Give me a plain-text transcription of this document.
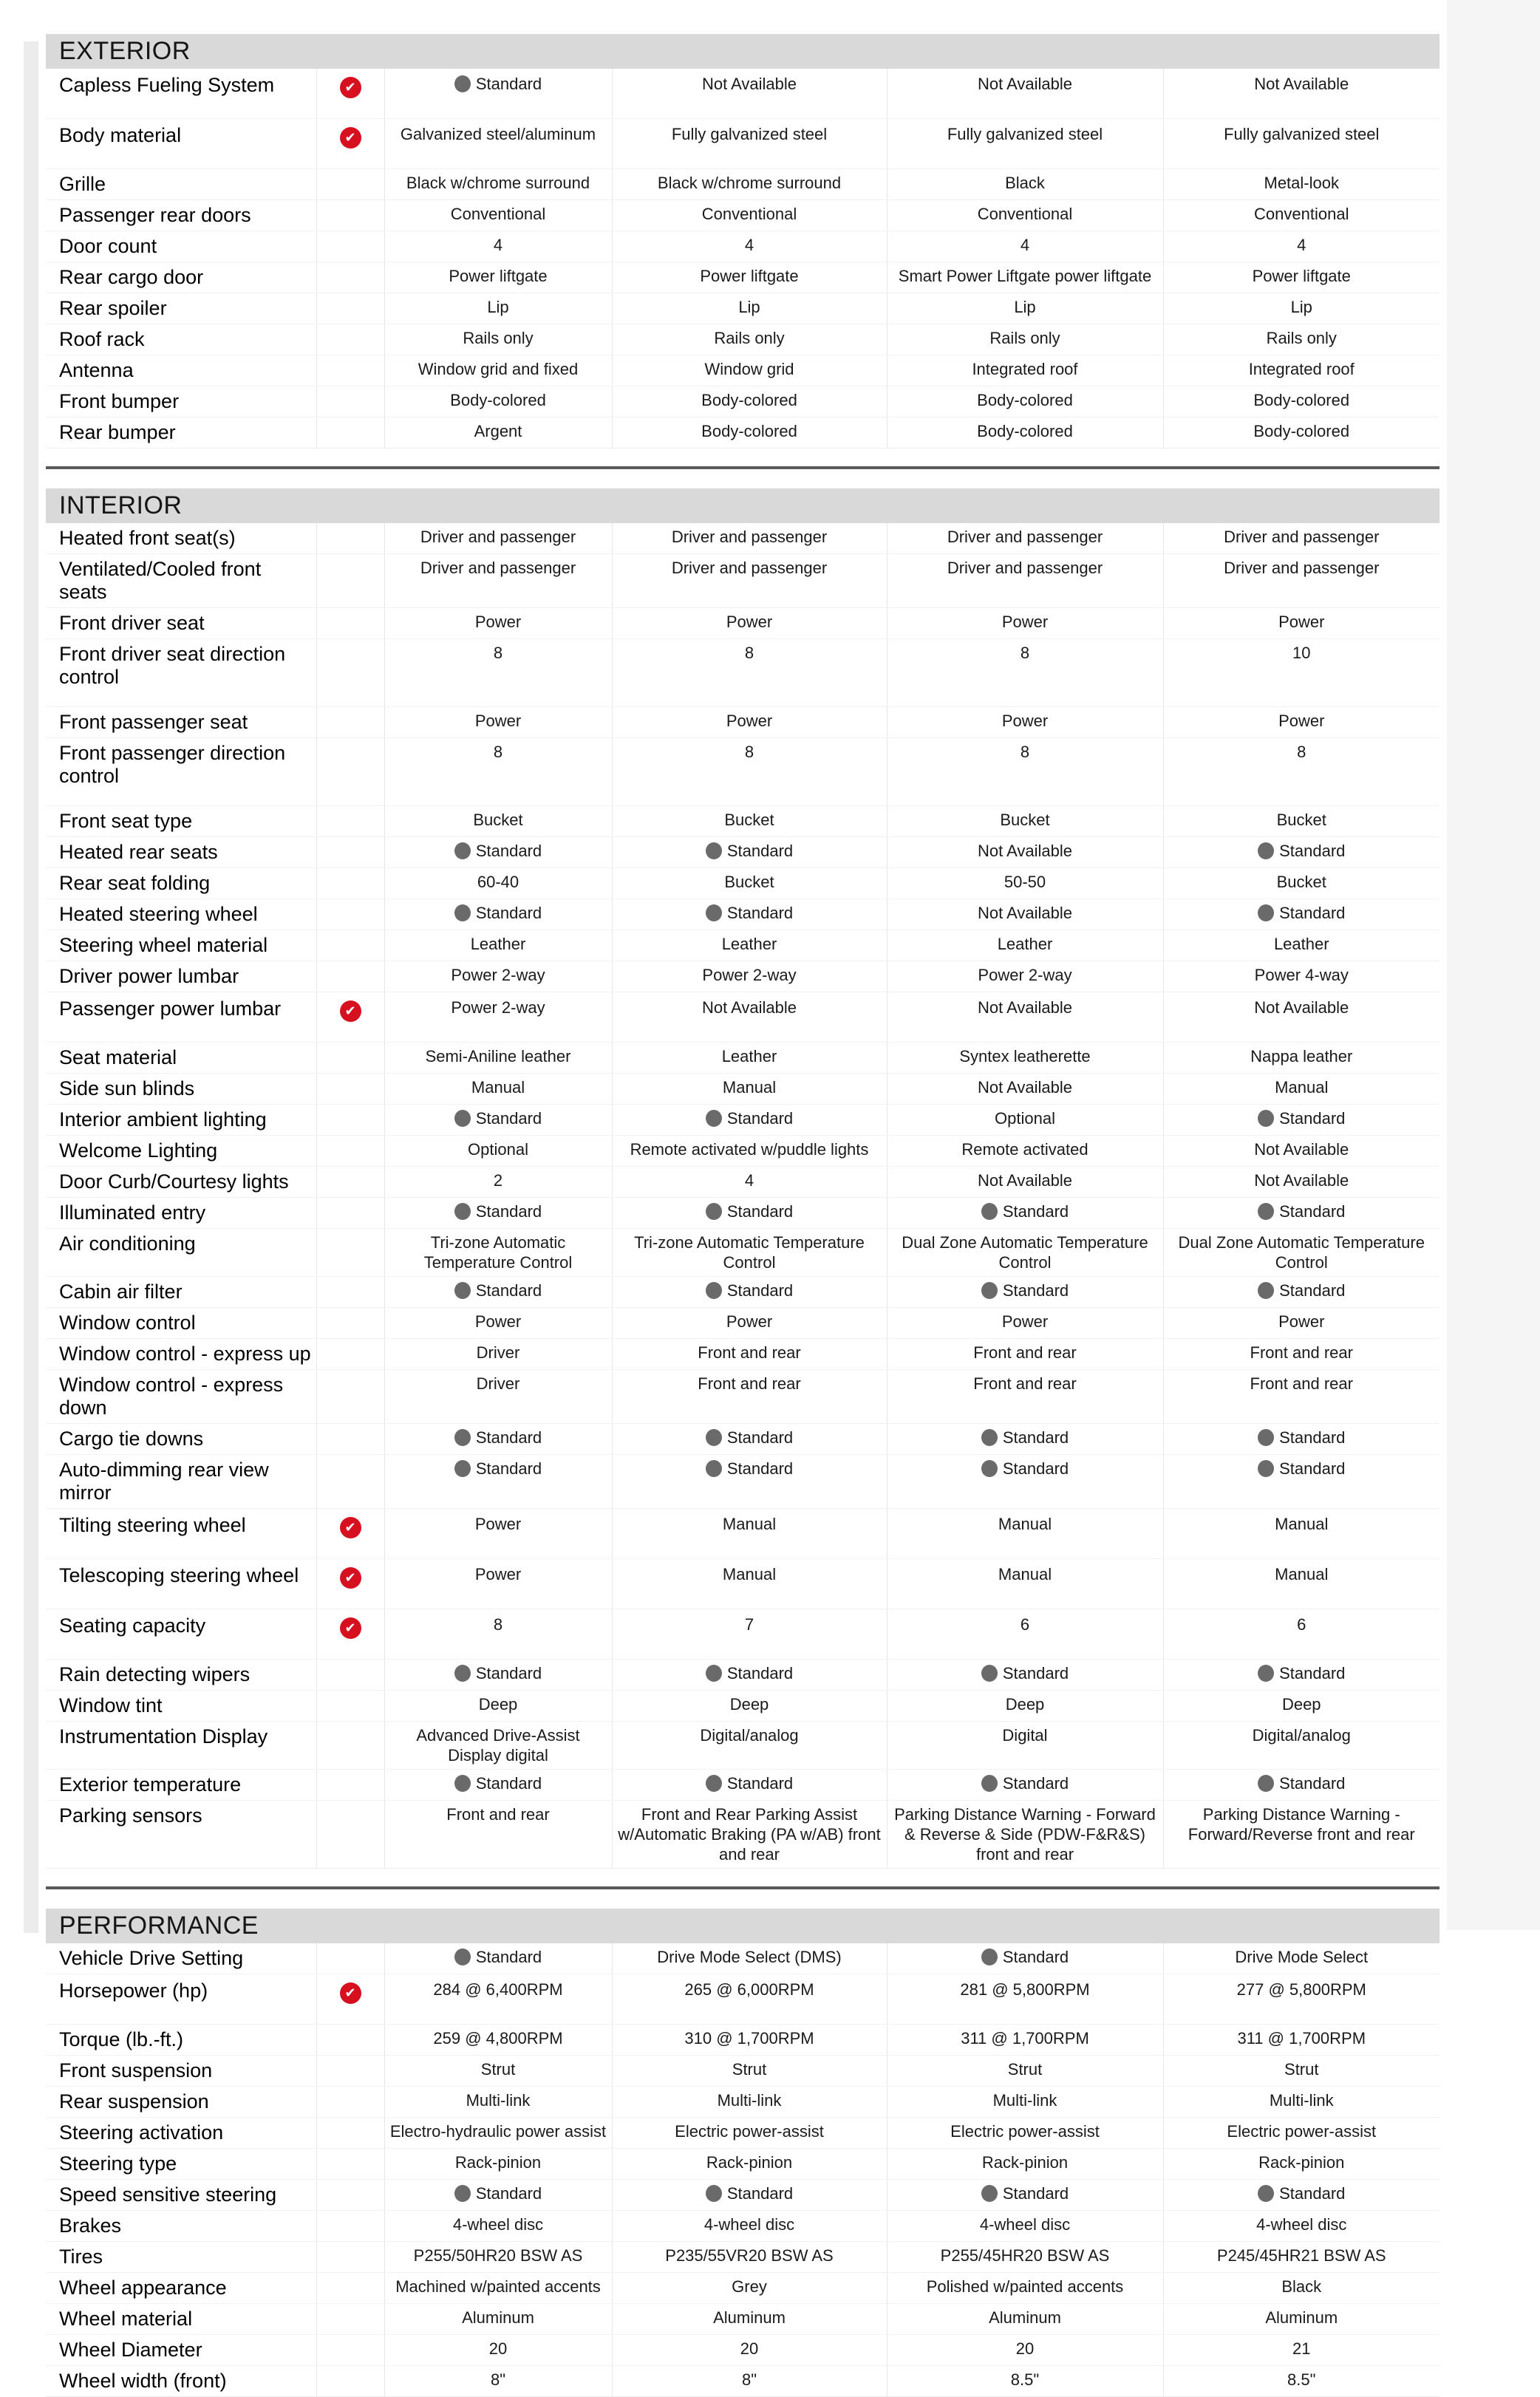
EXTERIOR
Capless Fueling System	✔	Standard	Not Available	Not Available	Not Available
Body material	✔	Galvanized steel/aluminum	Fully galvanized steel	Fully galvanized steel	Fully galvanized steel
Grille		Black w/chrome surround	Black w/chrome surround	Black	Metal-look
Passenger rear doors		Conventional	Conventional	Conventional	Conventional
Door count		4	4	4	4
Rear cargo door		Power liftgate	Power liftgate	Smart Power Liftgate power liftgate	Power liftgate
Rear spoiler		Lip	Lip	Lip	Lip
Roof rack		Rails only	Rails only	Rails only	Rails only
Antenna		Window grid and fixed	Window grid	Integrated roof	Integrated roof
Front bumper		Body-colored	Body-colored	Body-colored	Body-colored
Rear bumper		Argent	Body-colored	Body-colored	Body-colored
INTERIOR
Heated front seat(s)		Driver and passenger	Driver and passenger	Driver and passenger	Driver and passenger
Ventilated/Cooled front seats		Driver and passenger	Driver and passenger	Driver and passenger	Driver and passenger
Front driver seat		Power	Power	Power	Power
Front driver seat direction control		8	8	8	10
Front passenger seat		Power	Power	Power	Power
Front passenger direction control		8	8	8	8
Front seat type		Bucket	Bucket	Bucket	Bucket
Heated rear seats		Standard	Standard	Not Available	Standard
Rear seat folding		60-40	Bucket	50-50	Bucket
Heated steering wheel		Standard	Standard	Not Available	Standard
Steering wheel material		Leather	Leather	Leather	Leather
Driver power lumbar		Power 2-way	Power 2-way	Power 2-way	Power 4-way
Passenger power lumbar	✔	Power 2-way	Not Available	Not Available	Not Available
Seat material		Semi-Aniline leather	Leather	Syntex leatherette	Nappa leather
Side sun blinds		Manual	Manual	Not Available	Manual
Interior ambient lighting		Standard	Standard	Optional	Standard
Welcome Lighting		Optional	Remote activated w/puddle lights	Remote activated	Not Available
Door Curb/Courtesy lights		2	4	Not Available	Not Available
Illuminated entry		Standard	Standard	Standard	Standard
Air conditioning		Tri-zone Automatic Temperature Control	Tri-zone Automatic Temperature Control	Dual Zone Automatic Temperature Control	Dual Zone Automatic Temperature Control
Cabin air filter		Standard	Standard	Standard	Standard
Window control		Power	Power	Power	Power
Window control - express up		Driver	Front and rear	Front and rear	Front and rear
Window control - express down		Driver	Front and rear	Front and rear	Front and rear
Cargo tie downs		Standard	Standard	Standard	Standard
Auto-dimming rear view mirror		Standard	Standard	Standard	Standard
Tilting steering wheel	✔	Power	Manual	Manual	Manual
Telescoping steering wheel	✔	Power	Manual	Manual	Manual
Seating capacity	✔	8	7	6	6
Rain detecting wipers		Standard	Standard	Standard	Standard
Window tint		Deep	Deep	Deep	Deep
Instrumentation Display		Advanced Drive-Assist Display digital	Digital/analog	Digital	Digital/analog
Exterior temperature		Standard	Standard	Standard	Standard
Parking sensors		Front and rear	Front and Rear Parking Assist w/Automatic Braking (PA w/AB) front and rear	Parking Distance Warning - Forward & Reverse & Side (PDW-F&R&S) front and rear	Parking Distance Warning - Forward/Reverse front and rear
PERFORMANCE
Vehicle Drive Setting		Standard	Drive Mode Select (DMS)	Standard	Drive Mode Select
Horsepower (hp)	✔	284 @ 6,400RPM	265 @ 6,000RPM	281 @ 5,800RPM	277 @ 5,800RPM
Torque (lb.-ft.)		259 @ 4,800RPM	310 @ 1,700RPM	311 @ 1,700RPM	311 @ 1,700RPM
Front suspension		Strut	Strut	Strut	Strut
Rear suspension		Multi-link	Multi-link	Multi-link	Multi-link
Steering activation		Electro-hydraulic power assist	Electric power-assist	Electric power-assist	Electric power-assist
Steering type		Rack-pinion	Rack-pinion	Rack-pinion	Rack-pinion
Speed sensitive steering		Standard	Standard	Standard	Standard
Brakes		4-wheel disc	4-wheel disc	4-wheel disc	4-wheel disc
Tires		P255/50HR20 BSW AS	P235/55VR20 BSW AS	P255/45HR20 BSW AS	P245/45HR21 BSW AS
Wheel appearance		Machined w/painted accents	Grey	Polished w/painted accents	Black
Wheel material		Aluminum	Aluminum	Aluminum	Aluminum
Wheel Diameter		20	20	20	21
Wheel width (front)		8"	8"	8.5"	8.5"
